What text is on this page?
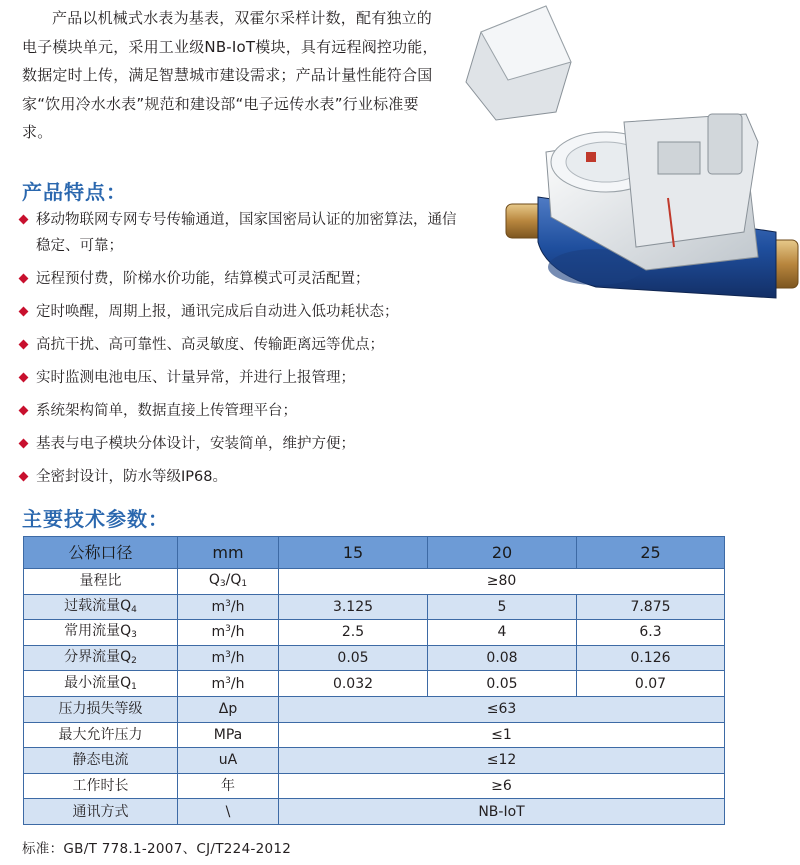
产品以机械式水表为基表，双霍尔采样计数，配有独立的电子模块单元，采用工业级NB-IoT模块，具有远程阀控功能，数据定时上传，满足智慧城市建设需求；产品计量性能符合国家“饮用冷水水表”规范和建设部“电子远传水表”行业标准要求。

产品特点：
移动物联网专网专号传输通道，国家国密局认证的加密算法，通信稳定、可靠；
远程预付费，阶梯水价功能，结算模式可灵活配置；
定时唤醒，周期上报，通讯完成后自动进入低功耗状态；
高抗干扰、高可靠性、高灵敏度、传输距离远等优点；
实时监测电池电压、计量异常，并进行上报管理；
系统架构简单，数据直接上传管理平台；
基表与电子模块分体设计，安装简单，维护方便；
全密封设计，防水等级IP68。
主要技术参数：
公称口径	mm	15	20	25
量程比	Q3/Q1	≥80		
过载流量Q4	$m^3/h$	3.125	5	7.875
常用流量Q3	$m^3/h$	2.5	4	6.3
分界流量Q2	$m^3/h$	0.05	0.08	0.126
最小流量Q1	$m^3/h$	0.032	0.05	0.07
压力损失等级	Δp	≤63		
最大允许压力	MPa	≤1		
静态电流	uA	≤12		
工作时长	年	≥6		
通讯方式	\	NB-IoT		

标准：GB/T 778.1-2007、CJ/T224-2012
